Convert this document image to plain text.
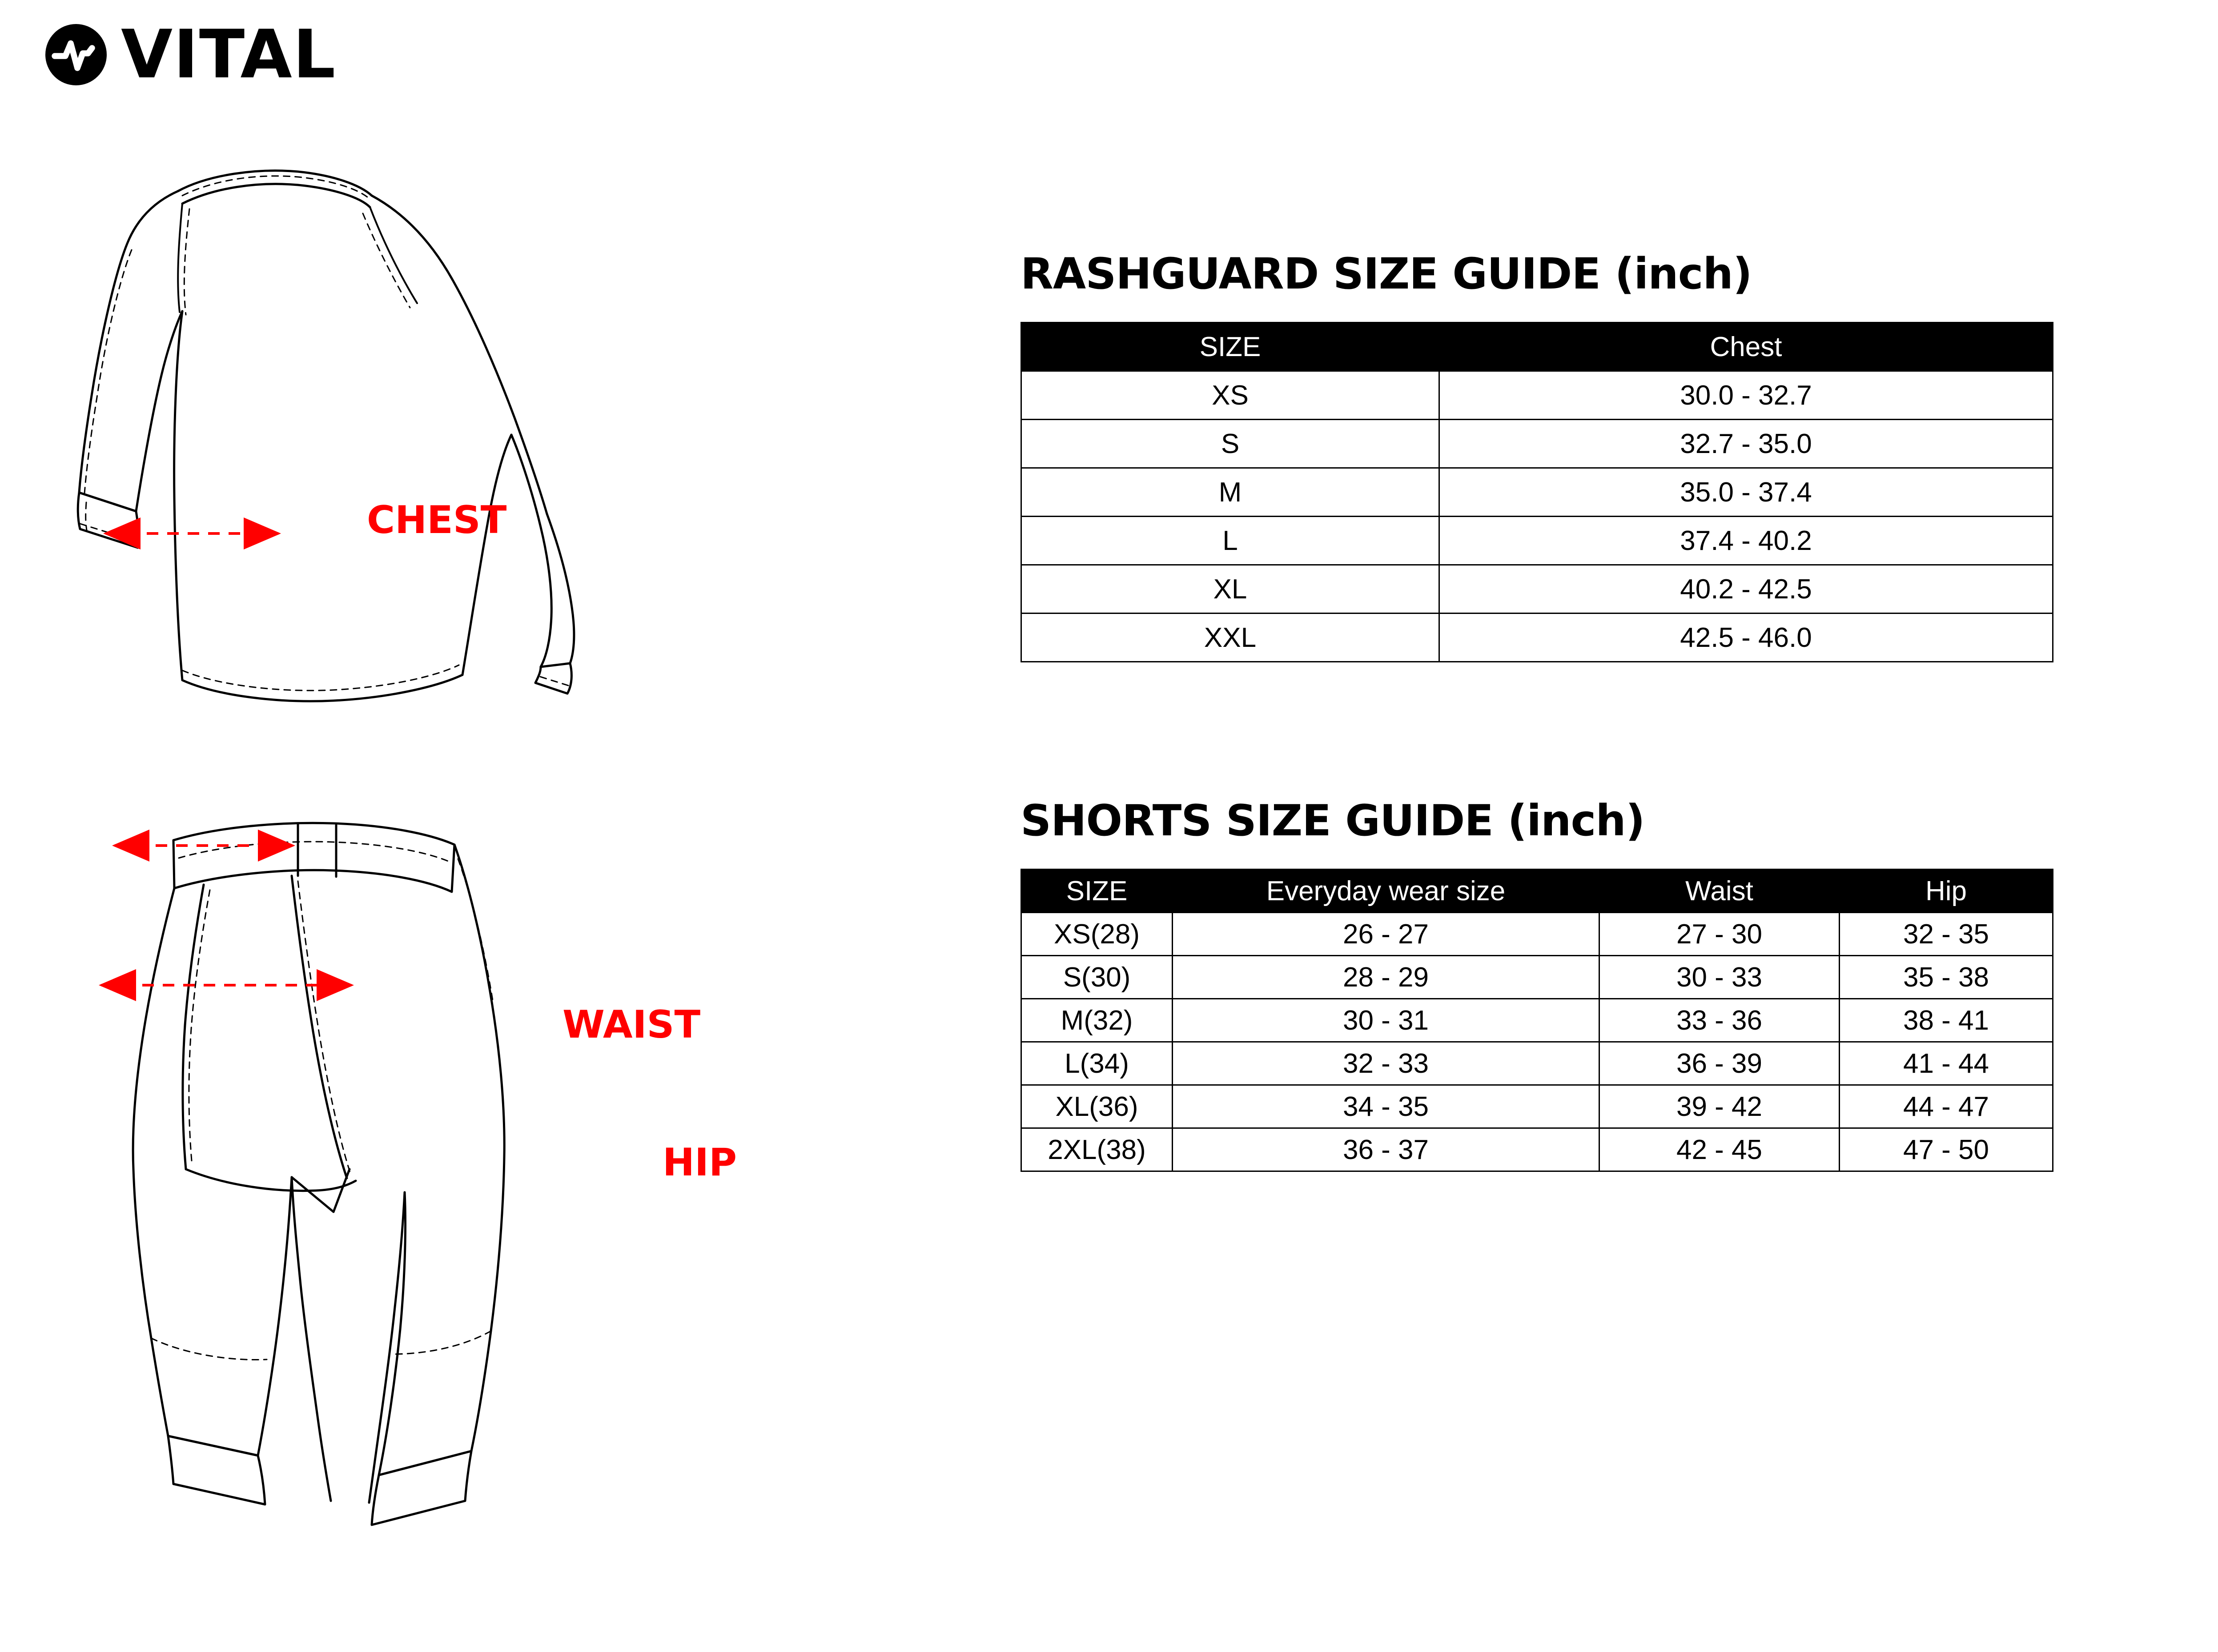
VITAL
CHEST
WAIST
HIP
RASHGUARD SIZE GUIDE (inch)
SIZE	Chest
XS	30.0 - 32.7
S	32.7 - 35.0
M	35.0 - 37.4
L	37.4 - 40.2
XL	40.2 - 42.5
XXL	42.5 - 46.0
SHORTS SIZE GUIDE (inch)
SIZE	Everyday wear size	Waist	Hip
XS(28)	26 - 27	27 - 30	32 - 35
S(30)	28 - 29	30 - 33	35 - 38
M(32)	30 - 31	33 - 36	38 - 41
L(34)	32 - 33	36 - 39	41 - 44
XL(36)	34 - 35	39 - 42	44 - 47
2XL(38)	36 - 37	42 - 45	47 - 50
